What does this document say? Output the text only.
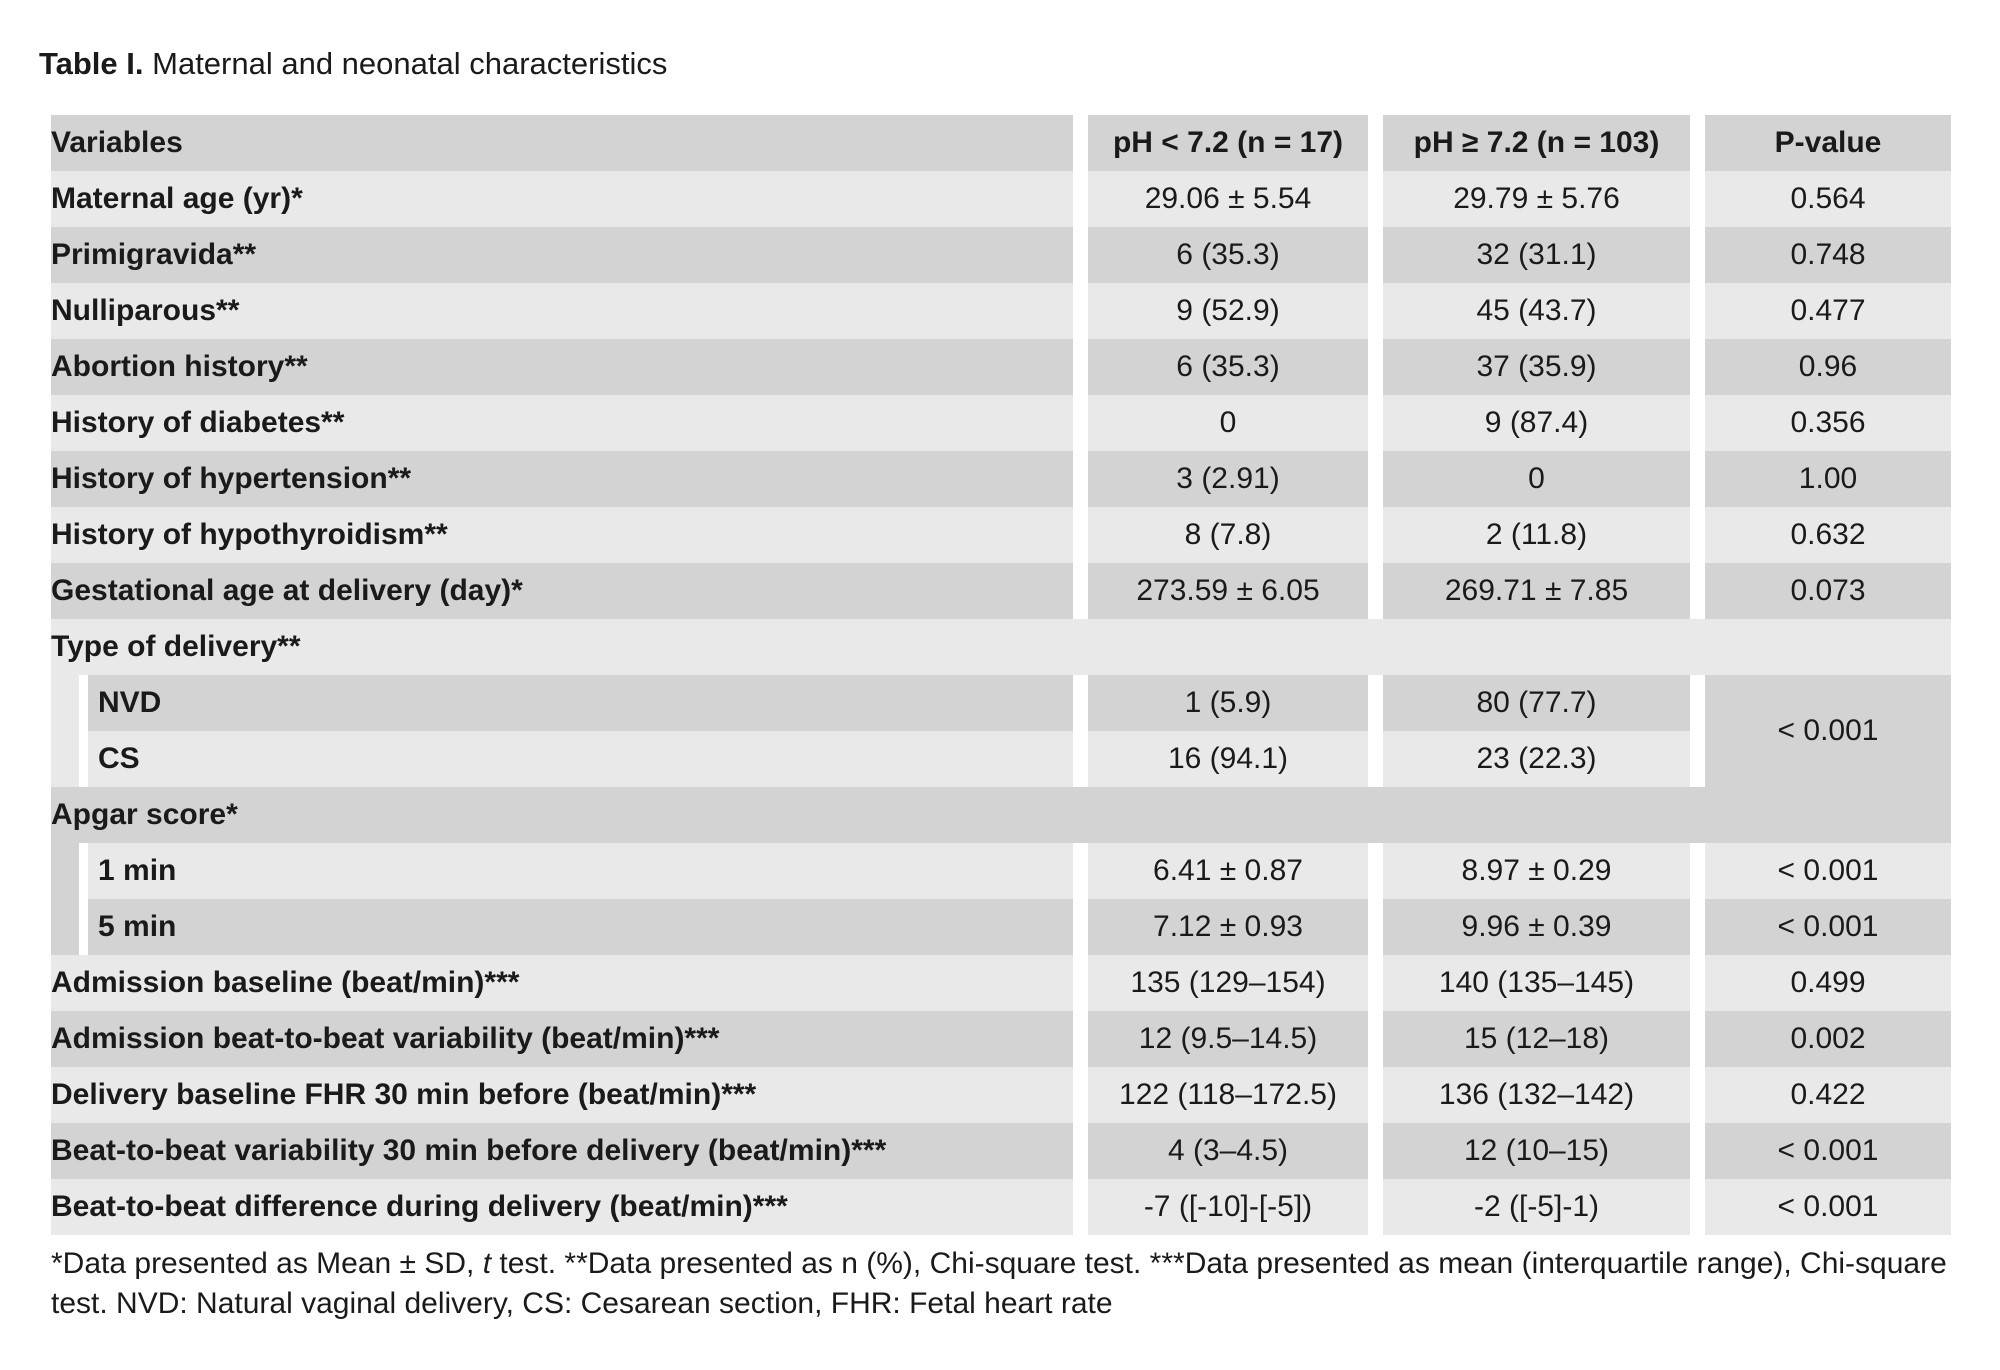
Table I. Maternal and neonatal characteristics
Variables		pH < 7.2 (n = 17)		pH ≥ 7.2 (n = 103)		P-value
Maternal age (yr)*		29.06 ± 5.54		29.79 ± 5.76		0.564
Primigravida**		6 (35.3)		32 (31.1)		0.748
Nulliparous**		9 (52.9)		45 (43.7)		0.477
Abortion history**		6 (35.3)		37 (35.9)		0.96
History of diabetes**		0		9 (87.4)		0.356
History of hypertension**		3 (2.91)		0		1.00
History of hypothyroidism**		8 (7.8)		2 (11.8)		0.632
Gestational age at delivery (day)*		273.59 ± 6.05		269.71 ± 7.85		0.073
Type of delivery**						
NVD		1 (5.9)		80 (77.7)		< 0.001
CS		16 (94.1)		23 (22.3)		
Apgar score*						
1 min		6.41 ± 0.87		8.97 ± 0.29		< 0.001
5 min		7.12 ± 0.93		9.96 ± 0.39		< 0.001
Admission baseline (beat/min)***		135 (129–154)		140 (135–145)		0.499
Admission beat-to-beat variability (beat/min)***		12 (9.5–14.5)		15 (12–18)		0.002
Delivery baseline FHR 30 min before (beat/min)***		122 (118–172.5)		136 (132–142)		0.422
Beat-to-beat variability 30 min before delivery (beat/min)***		4 (3–4.5)		12 (10–15)		< 0.001
Beat-to-beat difference during delivery (beat/min)***		-7 ([-10]-[-5])		-2 ([-5]-1)		< 0.001
*Data presented as Mean ± SD, t test. **Data presented as n (%), Chi-square test. ***Data presented as mean (interquartile range), Chi-square test. NVD: Natural vaginal delivery, CS: Cesarean section, FHR: Fetal heart rate
